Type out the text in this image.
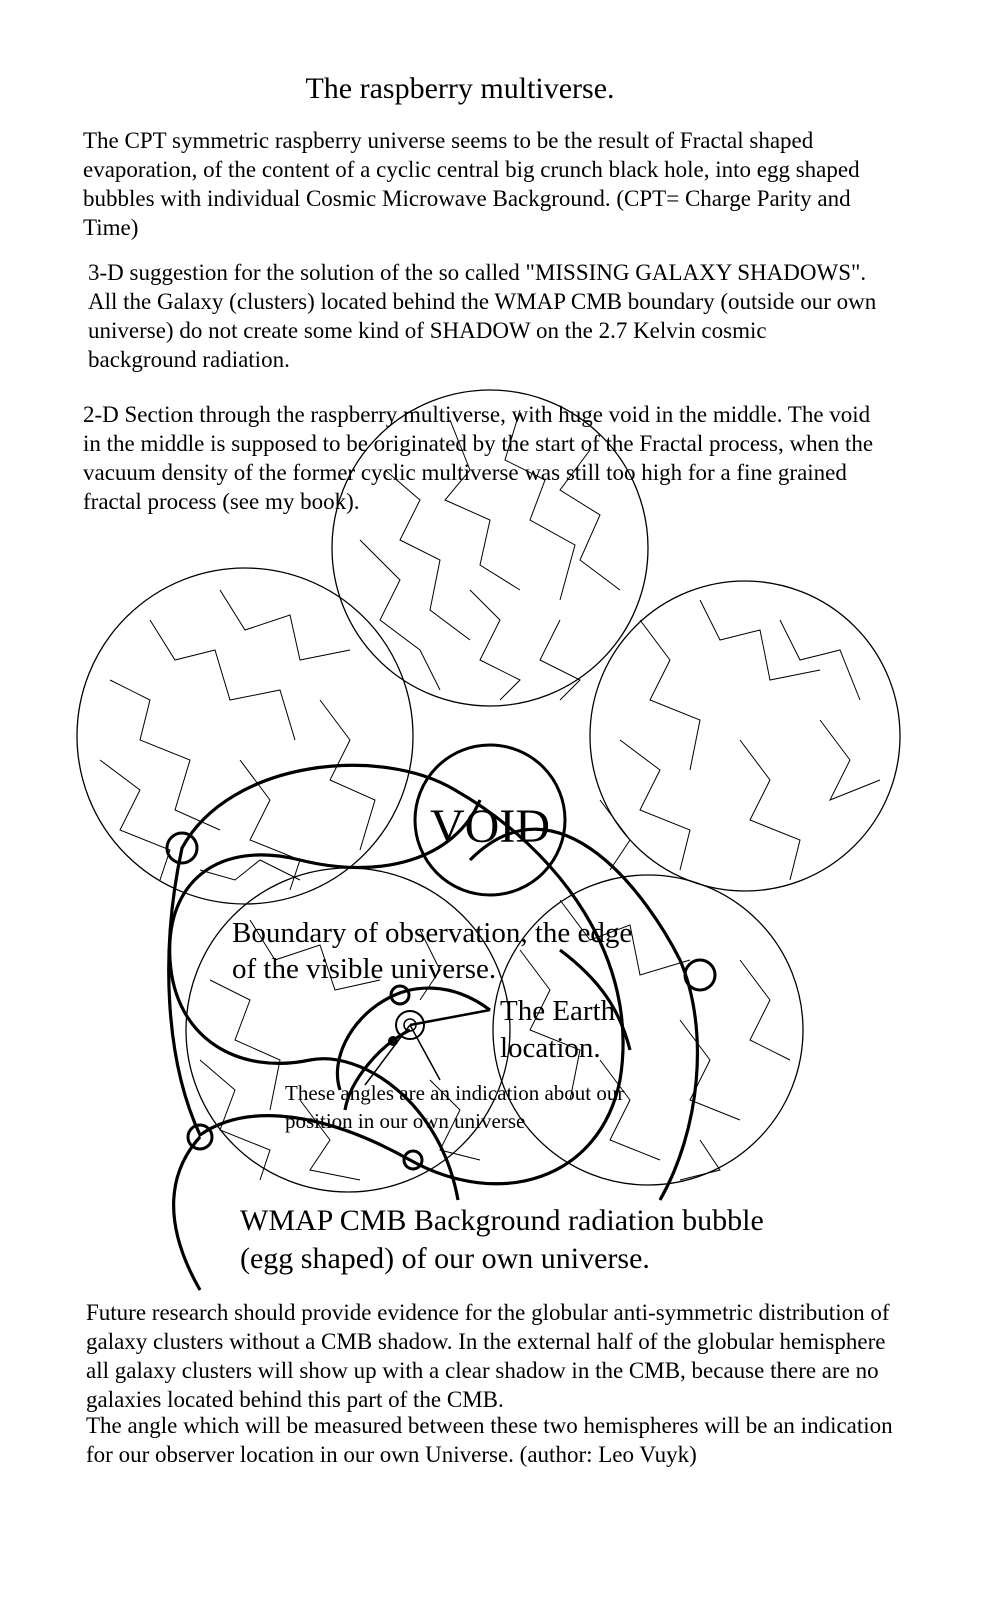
The raspberry multiverse.

The CPT symmetric raspberry universe seems to be the result of Fractal shaped evaporation, of the content of a cyclic central big crunch black hole, into egg shaped bubbles with individual Cosmic Microwave Background. (CPT= Charge Parity and Time)

3-D suggestion for the solution of the so called "MISSING GALAXY SHADOWS".        All the Galaxy (clusters) located behind the WMAP CMB boundary (outside our own universe) do not create some kind of SHADOW on the 2.7 Kelvin cosmic background radiation.

VOID
Boundary of observation, the edge
of the visible universe.
The Earth
location.
These angles are an indication about our
position in our own universe
WMAP CMB Background radiation bubble
(egg shaped) of our own universe.

2-D Section through the raspberry multiverse, with huge void in the middle. The void in the middle is supposed to be originated by the start of the Fractal process, when the vacuum density of the former cyclic multiverse was still too high for a fine grained fractal process (see my book).

Future research should provide evidence for the globular anti-symmetric distribution of galaxy clusters without a CMB shadow. In the external half of the globular hemisphere all galaxy clusters will show up with a clear shadow in the CMB, because there are no galaxies located behind this part of the CMB.

The angle which will be measured between these two hemispheres will be an indication for our observer location in our own Universe. (author: Leo Vuyk)
